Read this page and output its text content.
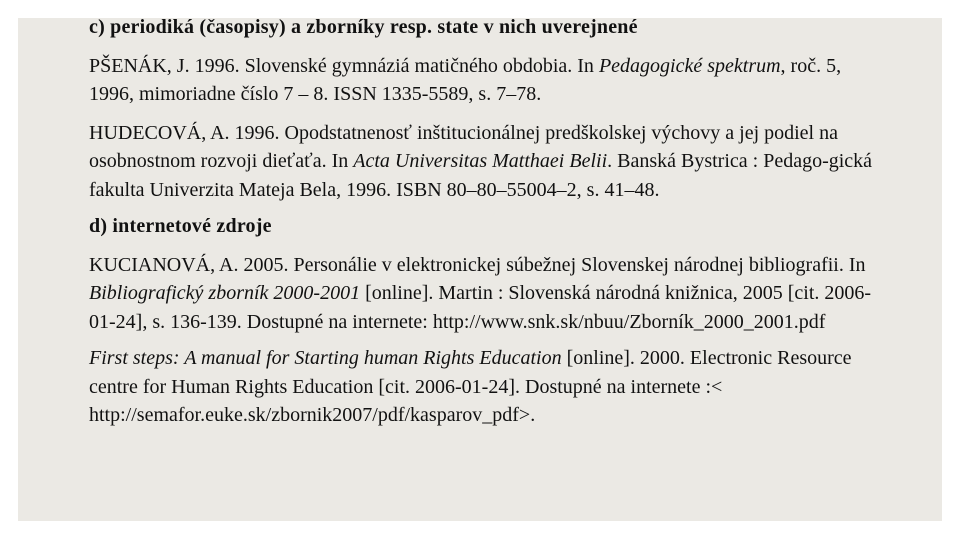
c) periodiká (časopisy) a zborníky resp. state v nich uverejnené

PŠENÁK, J. 1996. Slovenské gymnáziá matičného obdobia. In Pedagogické spektrum, roč. 5, 1996, mimoriadne číslo 7 – 8. ISSN 1335-5589, s. 7–78.

HUDECOVÁ, A. 1996. Opodstatnenosť inštitucionálnej predškolskej výchovy a jej podiel na osobnostnom rozvoji dieťaťa. In Acta Universitas Matthaei Belii. Banská Bystrica : Pedago-gická fakulta Univerzita Mateja Bela, 1996. ISBN 80–80–55004–2, s. 41–48.

d) internetové zdroje

KUCIANOVÁ, A. 2005. Personálie v elektronickej súbežnej Slovenskej národnej bibliografii. In Bibliografický zborník 2000-2001 [online]. Martin : Slovenská národná knižnica, 2005 [cit. 2006-01-24], s. 136-139. Dostupné na internete: http://www.snk.sk/nbuu/Zborník_2000_2001.pdf

First steps: A manual for Starting human Rights Education [online]. 2000. Electronic Resource centre for Human Rights Education [cit. 2006-01-24]. Dostupné na internete :< http://semafor.euke.sk/zbornik2007/pdf/kasparov_pdf>.
